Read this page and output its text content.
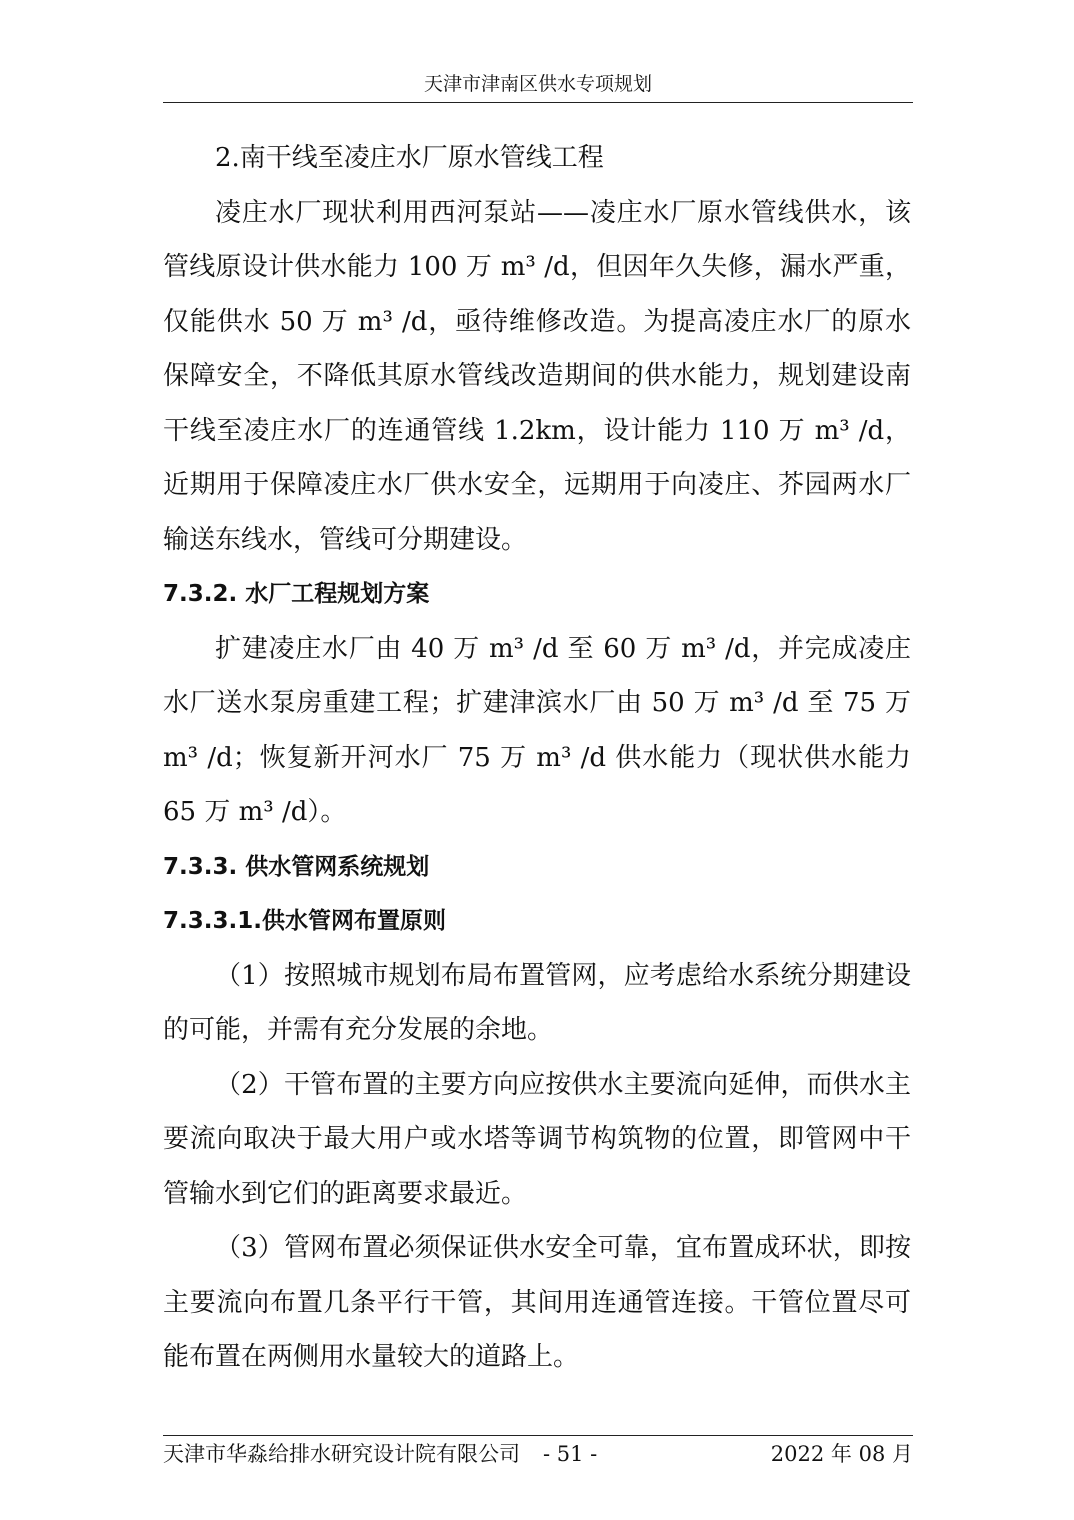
天津市津南区供水专项规划

2.南干线至凌庄水厂原水管线工程

凌庄水厂现状利用西河泵站——凌庄水厂原水管线供水，该管线原设计供水能力 100 万 m³ /d，但因年久失修，漏水严重，仅能供水 50 万 m³ /d，亟待维修改造。为提高凌庄水厂的原水保障安全，不降低其原水管线改造期间的供水能力，规划建设南干线至凌庄水厂的连通管线 1.2km，设计能力 110 万 m³ /d，近期用于保障凌庄水厂供水安全，远期用于向凌庄、芥园两水厂输送东线水，管线可分期建设。

7.3.2. 水厂工程规划方案

扩建凌庄水厂由 40 万 m³ /d 至 60 万 m³ /d，并完成凌庄水厂送水泵房重建工程；扩建津滨水厂由 50 万 m³ /d 至 75 万 m³ /d；恢复新开河水厂 75 万 m³ /d 供水能力（现状供水能力 65 万 m³ /d）。

7.3.3. 供水管网系统规划

7.3.3.1.供水管网布置原则

（1）按照城市规划布局布置管网，应考虑给水系统分期建设的可能，并需有充分发展的余地。

（2）干管布置的主要方向应按供水主要流向延伸，而供水主要流向取决于最大用户或水塔等调节构筑物的位置，即管网中干管输水到它们的距离要求最近。

（3）管网布置必须保证供水安全可靠，宜布置成环状，即按主要流向布置几条平行干管，其间用连通管连接。干管位置尽可能布置在两侧用水量较大的道路上。

天津市华淼给排水研究设计院有限公司 - 51 -	2022 年 08 月
